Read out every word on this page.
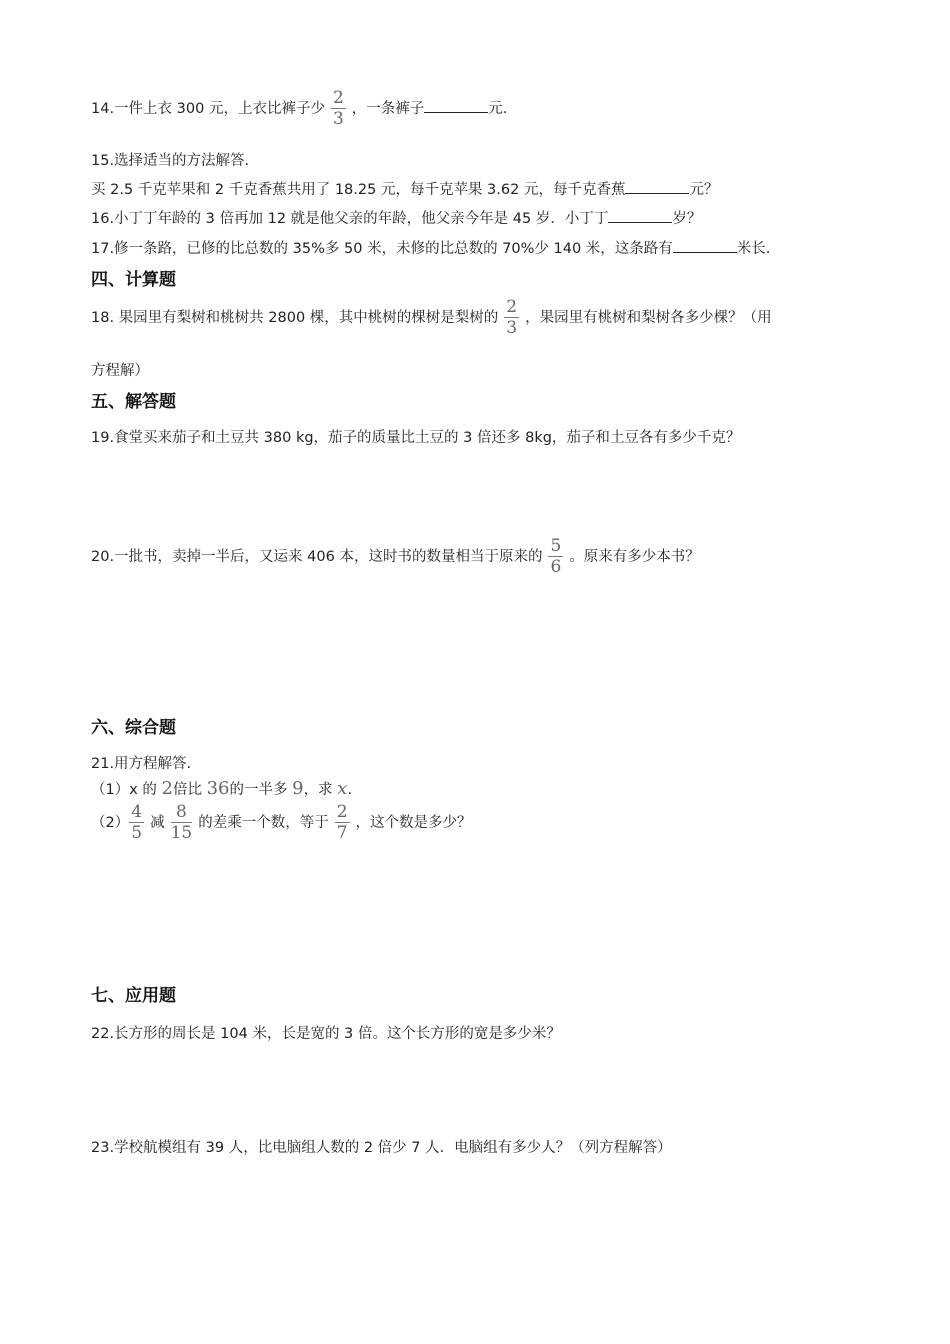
14.一件上衣 300 元，上衣比裤子少 $\frac{2}{3}$ ，一条裤子	元.
15.选择适当的方法解答.
买 2.5 千克苹果和 2 千克香蕉共用了 18.25 元，每千克苹果 3.62 元，每千克香蕉	元？
16.小丁丁年龄的 3 倍再加 12 就是他父亲的年龄，他父亲今年是 45 岁．小丁丁	岁？
17.修一条路，已修的比总数的 35%多 50 米，未修的比总数的 70%少 140 米，这条路有	米长.
四、计算题
18. 果园里有梨树和桃树共 2800 棵，其中桃树的棵树是梨树的 $\frac{2}{3}$ ，果园里有桃树和梨树各多少棵？（用
方程解）
五、解答题
19.食堂买来茄子和土豆共 380 kg，茄子的质量比土豆的 3 倍还多 8kg，茄子和土豆各有多少千克？
20.一批书，卖掉一半后，又运来 406 本，这时书的数量相当于原来的 $\frac{5}{6}$ 。原来有多少本书？
六、综合题
21.用方程解答.
（1）x 的 2倍比 36的一半多 9，求 x.
$(2) \frac{4}{5}$ 减 $\frac{8}{15}$ 的差乘一个数，等于 $\frac{2}{7}$ ，这个数是多少？
七、应用题
22.长方形的周长是 104 米，长是宽的 3 倍。这个长方形的宽是多少米？
23.学校航模组有 39 人，比电脑组人数的 2 倍少 7 人．电脑组有多少人？（列方程解答）
